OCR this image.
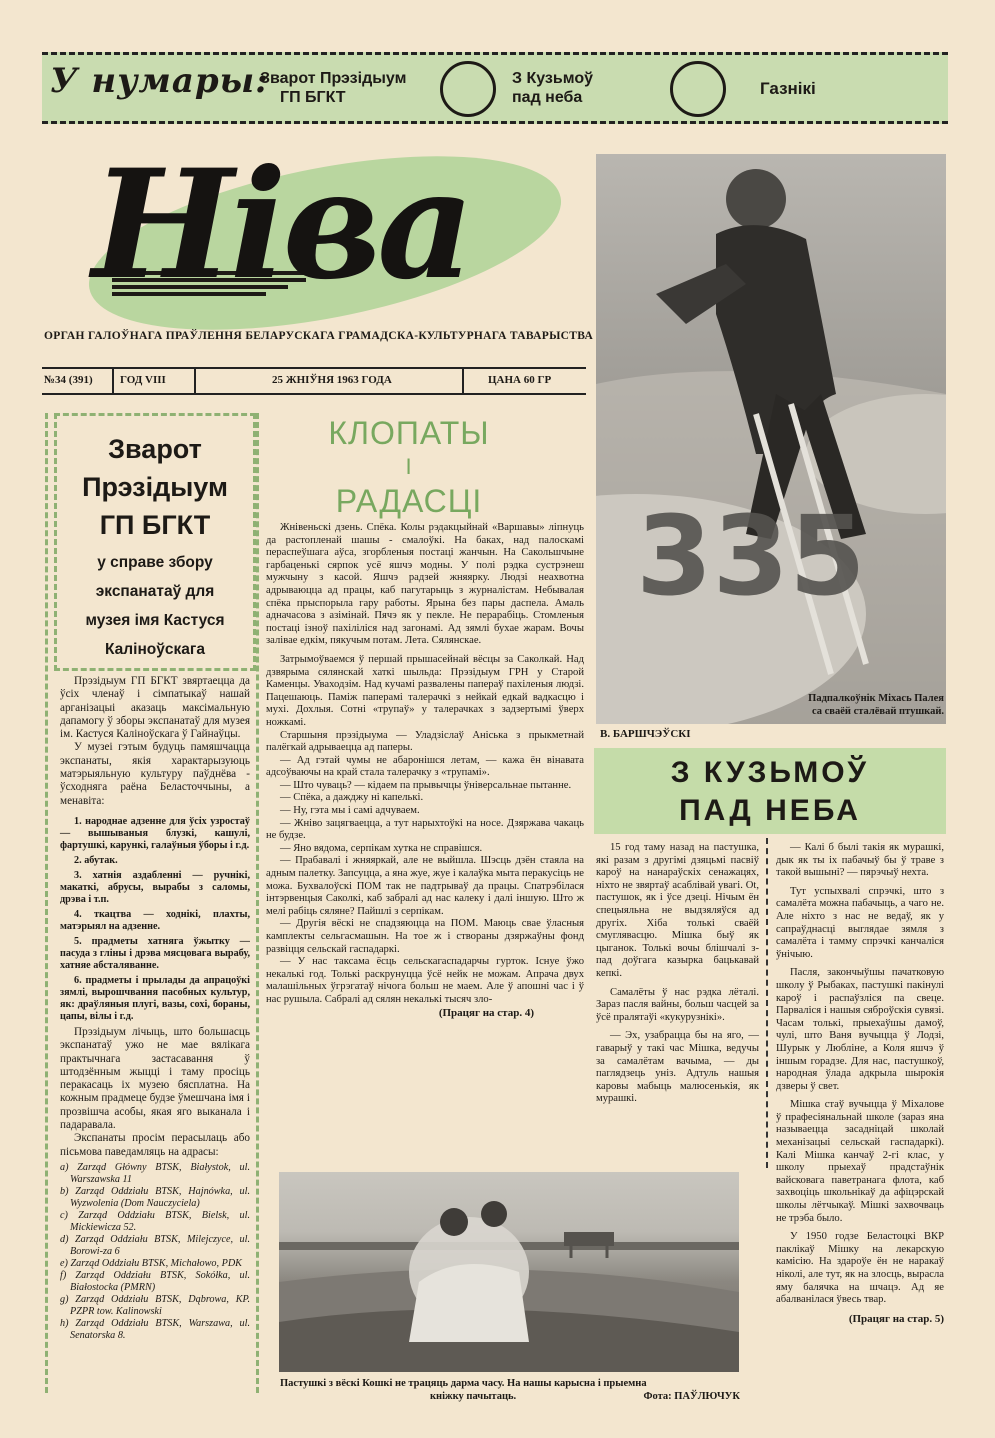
У нумары:
Зварот Прэзідыум
ГП БГКТ
З Кузьмоў
пад неба	Газнікі
Ніва
ОРГАН ГАЛОЎНАГА ПРАЎЛЕННЯ БЕЛАРУСКАГА ГРАМАДСКА-КУЛЬТУРНАГА ТАВАРЫСТВА
№34 (391) ГОД VIII	25 ЖНІЎНЯ 1963 ГОДА	ЦАНА 60 ГР
Зварот
Прэзідыум
ГП БГКТ
у справе збору
экспанатаў для
музея імя Кастуся
Каліноўскага

Прэзідыум ГП БГКТ звяртаецца да ўсіх членаў і сімпатыкаў нашай арганізацыі аказаць максімальную дапамогу ў зборы экспанатаў для музея ім. Кастуся Каліноўскага ў Гайнаўцы.

У музеі гэтым будуць памяшчацца экспанаты, якія характарызуюць матэрыяльную культуру паўднёва - ўсходняга раёна Беласточчыны, а менавіта:

1. народнае адзенне для ўсіх узростаў — вышываныя блузкі, кашулі, фартушкі, карункі, галаўныя ўборы і г.д.

2. абутак.

3. хатнія аздабленні — ручнікі, макаткі, абрусы, вырабы з саломы, дрэва і т.п.

4. ткацтва — ходнікі, плахты, матэрыял на адзенне.

5. прадметы хатняга ўжытку — пасуда з гліны і дрэва мясцовага вырабу, хатняе абсталяванне.

6. прадметы і прылады да апрацоўкі зямлі, вырошчвання пасобных культур, як: драўляныя плугі, вазы, сохі, бораны, цапы, вілы і г.д.

Прэзідыум лічыць, што большасць экспанатаў ужо не мае вялікага практычнага застасавання ў штодзённым жыцці і таму просіць перакасаць іх музею бясплатна. На кожным прадмеце будзе ўмешчана імя і прозвішча асобы, якая яго выканала і падаравала.

Экспанаты просім перасылаць або пісьмова паведамляць на адрасы:

a) Zarząd Główny BTSK, Białystok, ul. Warszawska 11

b) Zarząd Oddziału BTSK, Hajnówka, ul. Wyzwolenia (Dom Nauczyciela)

c) Zarząd Oddziału BTSK, Bielsk, ul. Mickiewicza 52.

d) Zarząd Oddziału BTSK, Milejczyce, ul. Borowi‑za 6

e) Zarząd Oddziału BTSK, Michałowo, PDK

f) Zarząd Oddziału BTSK, Sokółka, ul. Białostocka (PMRN)

g) Zarząd Oddziału BTSK, Dąbrowa, KP. PZPR tow. Kalinowski

h) Zarząd Oddziału BTSK, Warszawa, ul. Senatorska 8.

КЛОПАТЫ
І
РАДАСЦІ

Жнівеньскі дзень. Спёка. Колы рэдакцыйнай «Варшавы» ліпнуць да растопленай шашы - смалоўкі. На баках, над палоскамі пераспеўшага аўса, згорбленыя постаці жанчын. На Сакольшчыне гарбаценькі сярпок усё яшчэ модны. У полі рэдка сустрэнеш мужчыну з касой. Яшчэ радзей жняярку. Людзі неахвотна адрываюцца ад працы, каб пагутарыць з журналістам. Небывалая спёка прыспорыла гару работы. Ярына без пары даспела. Амаль адначасова з азімінай. Пячэ як у пекле. Не перарабіць. Стомленыя постаці ізноў пахіліліся над загонамі. Ад зямлі бухае жарам. Вочы залівае едкім, пякучым потам. Лета. Сялянскае.

Затрымоўваемся ў першай прышасейнай вёсцы за Саколкай. Над дзвярыма сялянскай хаткі шыльда: Прэзідыум ГРН у Старой Каменцы. Уваходзім. Над кучамі развалены папераў пахіленыя людзі. Пацешаюць. Паміж паперамі талерачкі з нейкай едкай вадкасцю і мухі. Дохлыя. Сотні «трупаў» у талерачках з задзертымі ўверх ножкамі.

Старшыня прэзідыума — Уладзіслаў Аніська з прыкметнай палёгкай адрываецца ад паперы.

— Ад гэтай чумы не абаронішся летам, — кажа ён вінавата адсоўваючы на край стала талерачку з «трупамі».

— Што чуваць? — кідаем па прывычцы ўніверсальнае пытанне.

— Спёка, а дажджу ні капелькі.

— Ну, гэта мы і самі адчуваем.

— Жніво зацягваецца, а тут нарыхтоўкі на носе. Дзяржава чакаць не будзе.

— Яно вядома, серпікам хутка не справішся.

— Прабавалі і жняяркай, але не выйшла. Шэсць дзён стаяла на адным палетку. Запсуцца, а яна жуе, жуе і калаўка мыта перакусіць не можа. Бухвалоўскі ПОМ так не падтрываў да працы. Спатрэбілася інтэрвенцыя Саколкі, каб забралі ад нас калеку і далі іншую. Што ж мелі рабіць сяляне? Пайшлі з серпікам.

— Другія вёскі не спадзяюцца на ПОМ. Маюць свае ўласныя камплекты сельгасмашын. На тое ж і створаны дзяржаўны фонд развіцця сельскай гаспадаркі.

— У нас таксама ёсць сельскагаспадарчы гурток. Існуе ўжо некалькі год. Толькі раскрунуцца ўсё нейк не можам. Апрача двух малашільных ўгрэгатаў нічога больш не маем. Але ў апошні час і ў нас рушыла. Сабралі ад сялян некалькі тысяч зло-

(Працяг на стар. 4)
335
Падпалкоўнік Міхась Палея
са сваёй сталёвай птушкай.
В. БАРШЧЭЎСКІ
З КУЗЬМОЎ
ПАД НЕБА

15 год таму назад на пастушка, які разам з другімі дзяцьмі пасвіў кароў на нанараўскіх сенажацях, ніхто не звяртаў асаблівай увагі. Ot, пастушок, як і ўсе дзеці. Нічым ён спецыяльна не выдзяляўся ад другіх. Хіба толькі сваёй смуглявасцю. Мішка быў як цыганок. Толькі вочы блішчалі з-пад доўгага казырка бацькавай кепкі.

Самалёты ў нас рэдка лёталі. Зараз пасля вайны, больш часцей за ўсё пралятаўі «кукурузнікі».

— Эх, узабрацца бы на яго, — гаварыў у такі час Мішка, ведучы за самалётам вачыма, — ды паглядзець уніз. Адтуль нашыя каровы мабыць малюсенькія, як мурашкі.

— Калі б былі такія як мурашкі, дык як ты іх пабачыў бы ў траве з такой вышыні? — пярэчыў нехта.

Тут успыхвалі спрэчкі, што з самалёта можна пабачыць, а чаго не. Але ніхто з нас не ведаў, як у сапраўднасці выглядае зямля з самалёта і тамму спрэчкі канчаліся ўнічыю.

Пасля, закончыўшы пачатковую школу ў Рыбаках, пастушкі пакінулі кароў і распаўзліся па свеце. Парваліся і нашыя сяброўскія сувязі. Часам толькі, прыехаўшы дамоў, чулі, што Ваня вучыцца ў Лодзі, Шурык у Любліне, а Коля яшчэ ў іншым горадзе. Для нас, пастушкоў, народная ўлада адкрыла шырокія дзверы ў свет.

Мішка стаў вучыцца ў Міхалове ў прафесіянальнай школе (зараз яна называецца засадніцай школай механізацыі сельскай гаспадаркі). Калі Мішка канчаў 2-гі клас, у школу прыехаў прадстаўнік вайсковага паветранага флота, каб захвоціць школьнікаў да афіцэрскай школы лётчыкаў. Мішкі захвочваць не трэба было.

У 1950 годзе Беластоцкі ВКР паклікаў Мішку на лекарскую камісію. На здароўе ён не наракаў ніколі, але тут, як на злосць, вырасла яму балячка на шчацэ. Ад яе абалванілася ўвесь твар.

(Працяг на стар. 5)
Пастушкі з вёскі Кошкі не трацяць дарма часу. На нашы карысна і прыемна
кніжку пачытаць.	Фота: ПАЎЛЮЧУК
